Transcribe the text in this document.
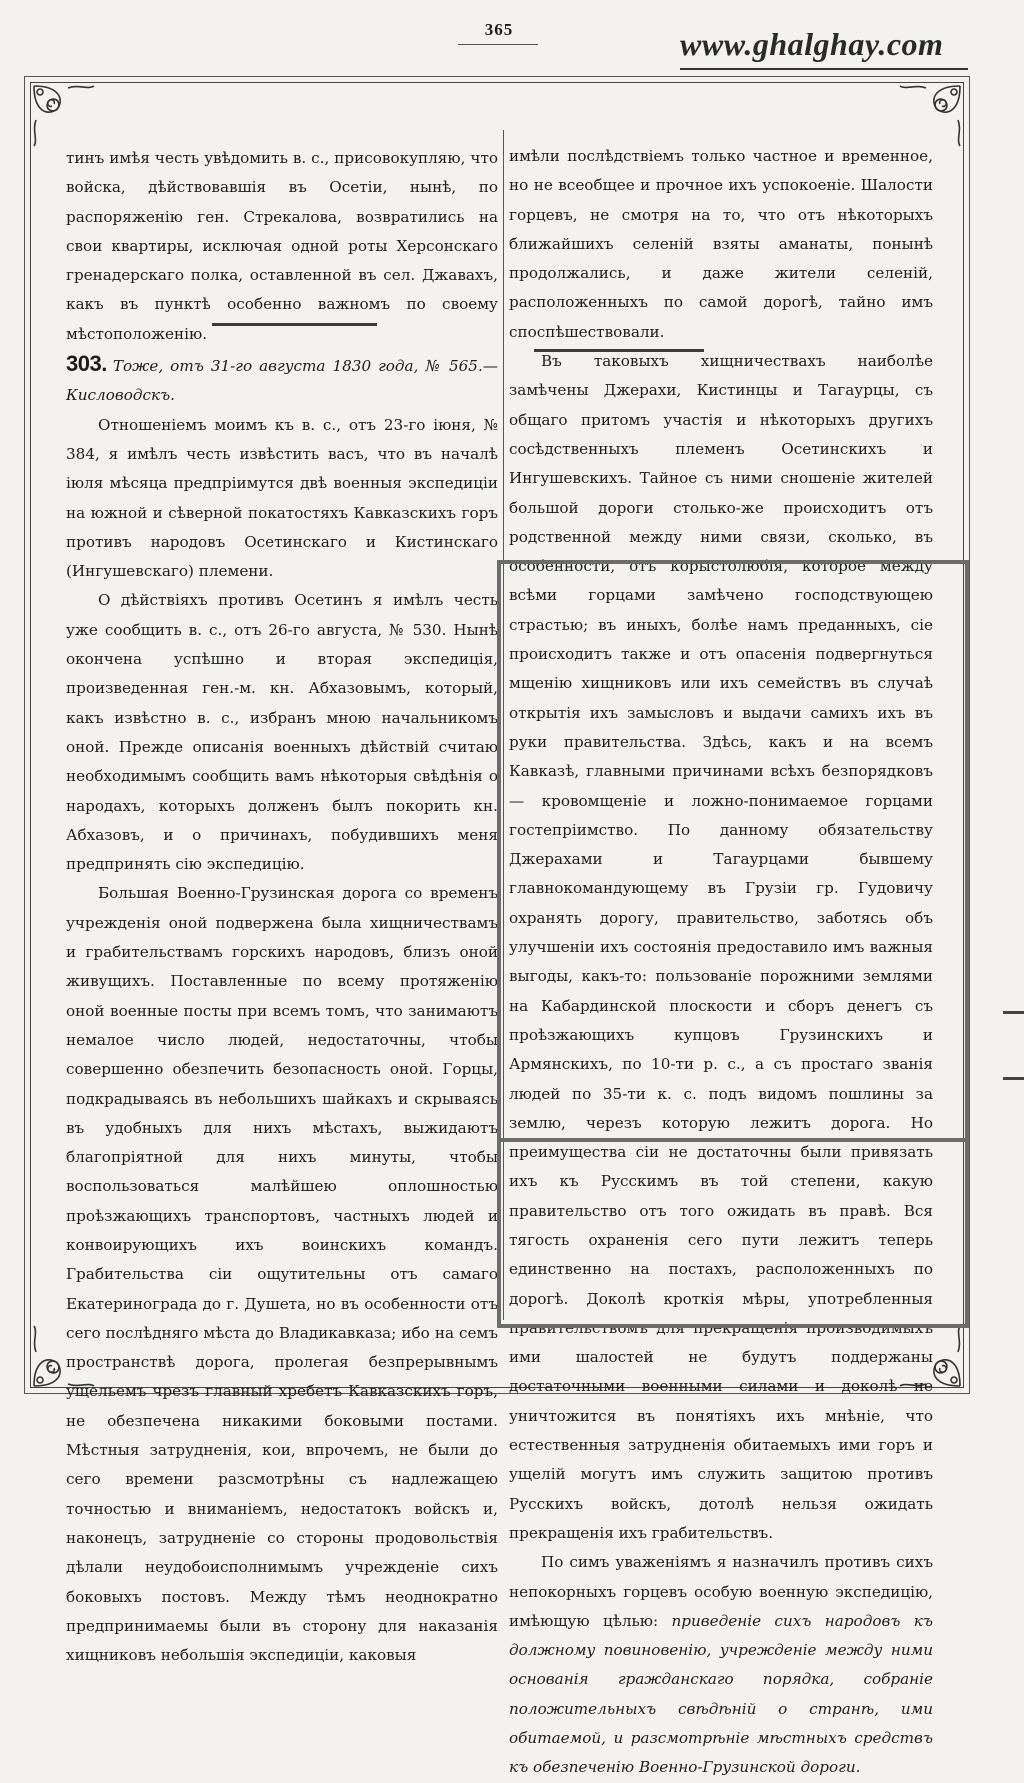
365	www.ghalghay.com

тинъ имѣя честь увѣдомить в. с., присовокупляю, что войска, дѣйствовавшія въ Осетіи, нынѣ, по распоряженію ген. Стрекалова, возвратились на свои квартиры, исключая одной роты Херсонскаго гренадерскаго полка, оставленной въ сел. Джавахъ, какъ въ пунктѣ особенно важномъ по своему мѣстоположенію.

303. Тоже, отъ 31-го августа 1830 года, № 565.— Кисловодскъ.

Отношеніемъ моимъ къ в. с., отъ 23-го іюня, № 384, я имѣлъ честь извѣстить васъ, что въ началѣ іюля мѣсяца предпріимутся двѣ военныя экспедиціи на южной и сѣверной покатостяхъ Кавказскихъ горъ противъ народовъ Осетинскаго и Кистинскаго (Ингушевскаго) племени.

О дѣйствіяхъ противъ Осетинъ я имѣлъ честь уже сообщить в. с., отъ 26-го августа, № 530. Нынѣ окончена успѣшно и вторая экспедиція, произведенная ген.-м. кн. Абхазовымъ, который, какъ извѣстно в. с., избранъ мною начальникомъ оной. Прежде описанія военныхъ дѣйствій считаю необходимымъ сообщить вамъ нѣкоторыя свѣдѣнія о народахъ, которыхъ долженъ былъ покорить кн. Абхазовъ, и о причинахъ, побудившихъ меня предпринять сію экспедицію.

Большая Военно-Грузинская дорога со временъ учрежденія оной подвержена была хищничествамъ и грабительствамъ горскихъ народовъ, близъ оной живущихъ. Поставленные по всему протяженію оной военные посты при всемъ томъ, что занимаютъ немалое число людей, недостаточны, чтобы совершенно обезпечить безопасность оной. Горцы, подкрадываясь въ небольшихъ шайкахъ и скрываясь въ удобныхъ для нихъ мѣстахъ, выжидаютъ благопріятной для нихъ минуты, чтобы воспользоваться малѣйшею оплошностью проѣзжающихъ транспортовъ, частныхъ людей и конвоирующихъ ихъ воинскихъ командъ. Грабительства сіи ощутительны отъ самаго Екатеринограда до г. Душета, но въ особенности отъ сего послѣдняго мѣста до Владикавказа; ибо на семъ пространствѣ дорога, пролегая безпрерывнымъ ущельемъ чрезъ главный хребетъ Кавказскихъ горъ, не обезпечена никакими боковыми постами. Мѣстныя затрудненія, кои, впрочемъ, не были до сего времени разсмотрѣны съ надлежащею точностью и вниманіемъ, недостатокъ войскъ и, наконецъ, затрудненіе со стороны продовольствія дѣлали неудобоисполнимымъ учрежденіе сихъ боковыхъ постовъ. Между тѣмъ неоднократно предпринимаемы были въ сторону для наказанія хищниковъ небольшія экспедиціи, каковыя

имѣли послѣдствіемъ только частное и временное, но не всеобщее и прочное ихъ успокоеніе. Шалости горцевъ, не смотря на то, что отъ нѣкоторыхъ ближайшихъ селеній взяты аманаты, понынѣ продолжались, и даже жители селеній, расположенныхъ по самой дорогѣ, тайно имъ споспѣшествовали.

Въ таковыхъ хищничествахъ наиболѣе замѣчены Джерахи, Кистинцы и Тагаурцы, съ общаго притомъ участія и нѣкоторыхъ другихъ сосѣдственныхъ племенъ Осетинскихъ и Ингушевскихъ. Тайное съ ними сношеніе жителей большой дороги столько-же происходитъ отъ родственной между ними связи, сколько, въ особенности, отъ корыстолюбія, которое между всѣми горцами замѣчено господствующею страстью; въ иныхъ, болѣе намъ преданныхъ, сіе происходитъ также и отъ опасенія подвергнуться мщенію хищниковъ или ихъ семействъ въ случаѣ открытія ихъ замысловъ и выдачи самихъ ихъ въ руки правительства. Здѣсь, какъ и на всемъ Кавказѣ, главными причинами всѣхъ безпорядковъ — кровомщеніе и ложно-понимаемое горцами гостепріимство. По данному обязательству Джерахами и Тагаурцами бывшему главнокомандующему въ Грузіи гр. Гудовичу охранять дорогу, правительство, заботясь объ улучшеніи ихъ состоянія предоставило имъ важныя выгоды, какъ-то: пользованіе порожними землями на Кабардинской плоскости и сборъ денегъ съ проѣзжающихъ купцовъ Грузинскихъ и Армянскихъ, по 10-ти р. с., а съ простаго званія людей по 35-ти к. с. подъ видомъ пошлины за землю, черезъ которую лежитъ дорога. Но преимущества сіи не достаточны были привязать ихъ къ Русскимъ въ той степени, какую правительство отъ того ожидать въ правѣ. Вся тягость охраненія сего пути лежитъ теперь единственно на постахъ, расположенныхъ по дорогѣ. Доколѣ кроткія мѣры, употребленныя правительствомъ для прекращенія производимыхъ ими шалостей не будутъ поддержаны достаточными военными силами и доколѣ не уничтожится въ понятіяхъ ихъ мнѣніе, что естественныя затрудненія обитаемыхъ ими горъ и ущелій могутъ имъ служить защитою противъ Русскихъ войскъ, дотолѣ нельзя ожидать прекращенія ихъ грабительствъ.

По симъ уваженіямъ я назначилъ противъ сихъ непокорныхъ горцевъ особую военную экспедицію, имѣющую цѣлью: приведеніе сихъ народовъ къ должному повиновенію, учрежденіе между ними основанія гражданскаго порядка, собраніе положительныхъ свѣдѣній о странѣ, ими обитаемой, и разсмотрѣніе мѣстныхъ средствъ къ обезпеченію Военно-Грузинской дороги.
